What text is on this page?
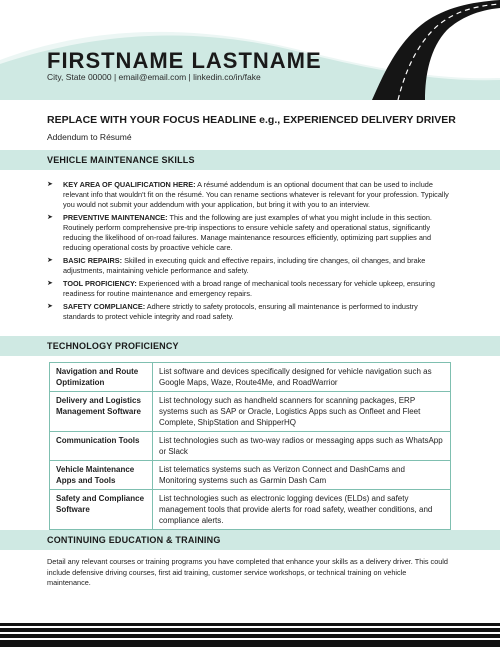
FIRSTNAME LASTNAME
City, State 00000 | email@email.com | linkedin.co/in/fake
REPLACE WITH YOUR FOCUS HEADLINE e.g., EXPERIENCED DELIVERY DRIVER
Addendum to Résumé
VEHICLE MAINTENANCE SKILLS
➤ KEY AREA OF QUALIFICATION HERE: A résumé addendum is an optional document that can be used to include relevant info that wouldn't fit on the résumé. You can rename sections whatever is relevant for your profession. Typically you would not submit your addendum with your application, but bring it with you to an interview.
➤ PREVENTIVE MAINTENANCE: This and the following are just examples of what you might include in this section. Routinely perform comprehensive pre-trip inspections to ensure vehicle safety and operational status, significantly reducing the likelihood of on-road failures. Manage maintenance resources efficiently, optimizing part supplies and reducing operational costs by proactive vehicle care.
➤ BASIC REPAIRS: Skilled in executing quick and effective repairs, including tire changes, oil changes, and brake adjustments, maintaining vehicle performance and safety.
➤ TOOL PROFICIENCY: Experienced with a broad range of mechanical tools necessary for vehicle upkeep, ensuring readiness for routine maintenance and emergency repairs.
➤ SAFETY COMPLIANCE: Adhere strictly to safety protocols, ensuring all maintenance is performed to industry standards to protect vehicle integrity and road safety.
TECHNOLOGY PROFICIENCY
Navigation and Route Optimization	List software and devices specifically designed for vehicle navigation such as Google Maps, Waze, Route4Me, and RoadWarrior
Delivery and Logistics Management Software	List technology such as handheld scanners for scanning packages, ERP systems such as SAP or Oracle, Logistics Apps such as Onfleet and Fleet Complete, ShipStation and ShipperHQ
Communication Tools	List technologies such as two-way radios or messaging apps such as WhatsApp or Slack
Vehicle Maintenance Apps and Tools	List telematics systems such as Verizon Connect and DashCams and Monitoring systems such as Garmin Dash Cam
Safety and Compliance Software	List technologies such as electronic logging devices (ELDs) and safety management tools that provide alerts for road safety, weather conditions, and compliance alerts.
CONTINUING EDUCATION & TRAINING
Detail any relevant courses or training programs you have completed that enhance your skills as a delivery driver. This could include defensive driving courses, first aid training, customer service workshops, or technical training on vehicle maintenance.
